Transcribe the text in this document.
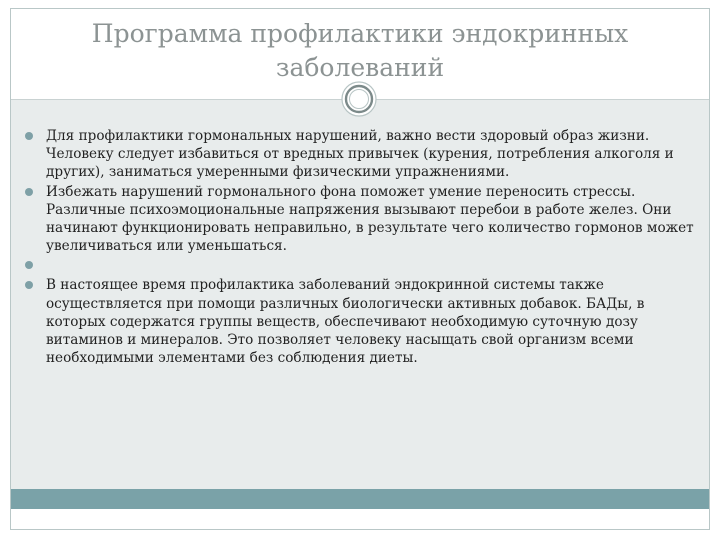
Программа профилактики эндокринных заболеваний
Для профилактики гормональных нарушений, важно вести здоровый образ жизни. Человеку следует избавиться от вредных привычек (курения, потребления алкоголя и других), заниматься умеренными физическими упражнениями.
Избежать нарушений гормонального фона поможет умение переносить стрессы. Различные психоэмоциональные напряжения вызывают перебои в работе желез. Они начинают функционировать неправильно, в результате чего количество гормонов может увеличиваться или уменьшаться.
В настоящее время профилактика заболеваний эндокринной системы также осуществляется при помощи различных биологически активных добавок. БАДы, в которых содержатся группы веществ, обеспечивают необходимую суточную дозу витаминов и минералов. Это позволяет человеку насыщать свой организм всеми необходимыми элементами без соблюдения диеты.
